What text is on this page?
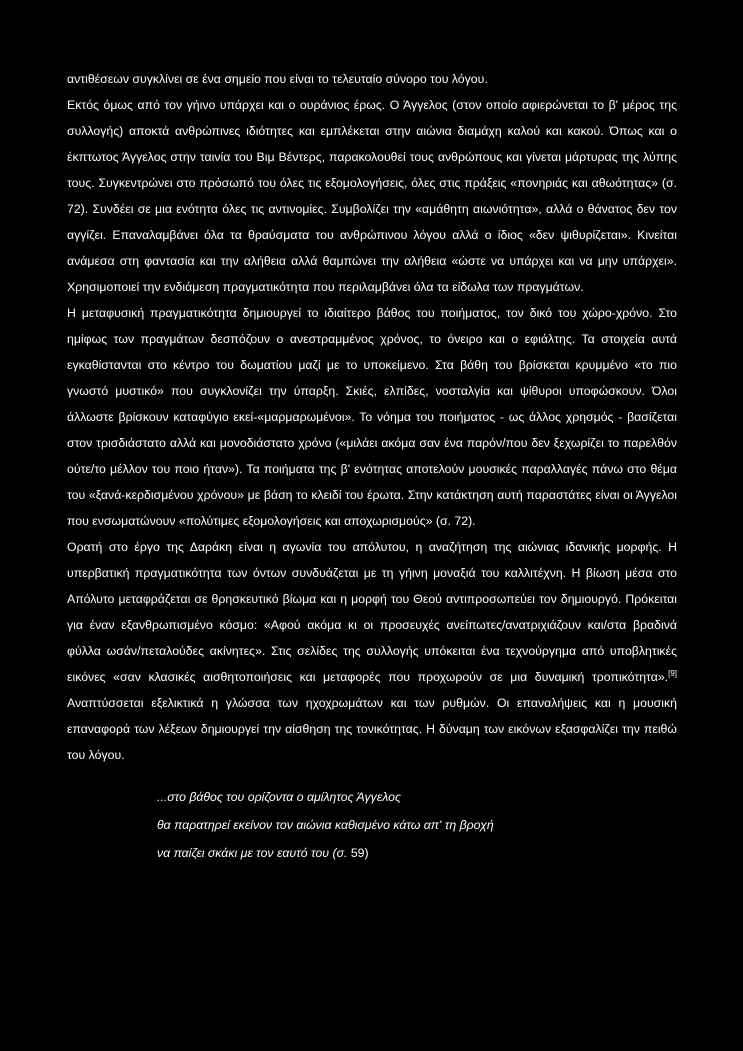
αντιθέσεων συγκλίνει σε ένα σημείο που είναι το τελευταίο σύνορο του λόγου.

Εκτός όμως από τον γήινο υπάρχει και ο ουράνιος έρως. Ο Άγγελος (στον οποίο αφιερώνεται το β' μέρος της συλλογής) αποκτά ανθρώπινες ιδιότητες και εμπλέκεται στην αιώνια διαμάχη καλού και κακού. Όπως και ο έκπτωτος Άγγελος στην ταινία του Βιμ Βέντερς, παρακολουθεί τους ανθρώπους και γίνεται μάρτυρας της λύπης τους. Συγκεντρώνει στο πρόσωπό του όλες τις εξομολογήσεις, όλες στις πράξεις «πονηριάς και αθωότητας» (σ. 72). Συνδέει σε μια ενότητα όλες τις αντινομίες. Συμβολίζει την «αμάθητη αιωνιότητα», αλλά ο θάνατος δεν τον αγγίζει. Επαναλαμβάνει όλα τα θραύσματα του ανθρώπινου λόγου αλλά ο ίδιος «δεν ψιθυρίζεται». Κινείται ανάμεσα στη φαντασία και την αλήθεια αλλά θαμπώνει την αλήθεια «ώστε να υπάρχει και να μην υπάρχει». Χρησιμοποιεί την ενδιάμεση πραγματικότητα που περιλαμβάνει όλα τα είδωλα των πραγμάτων.

Η μεταφυσική πραγματικότητα δημιουργεί το ιδιαίτερο βάθος του ποιήματος, τον δικό του χώρο-χρόνο. Στο ημίφως των πραγμάτων δεσπόζουν ο ανεστραμμένος χρόνος, το όνειρο και ο εφιάλτης. Τα στοιχεία αυτά εγκαθίστανται στο κέντρο του δωματίου μαζί με το υποκείμενο. Στα βάθη του βρίσκεται κρυμμένο «το πιο γνωστό μυστικό» που συγκλονίζει την ύπαρξη. Σκιές, ελπίδες, νοσταλγία και ψίθυροι υποφώσκουν. Όλοι άλλωστε βρίσκουν καταφύγιο εκεί-«μαρμαρωμένοι». Το νόημα του ποιήματος - ως άλλος χρησμός - βασίζεται στον τρισδιάστατο αλλά και μονοδιάστατο χρόνο («μιλάει ακόμα σαν ένα παρόν/που δεν ξεχωρίζει το παρελθόν ούτε/το μέλλον του ποιο ήταν»). Τα ποιήματα της β' ενότητας αποτελούν μουσικές παραλλαγές πάνω στο θέμα του «ξανά-κερδισμένου χρόνου» με βάση το κλειδί του έρωτα. Στην κατάκτηση αυτή παραστάτες είναι οι Άγγελοι που ενσωματώνουν «πολύτιμες εξομολογήσεις και αποχωρισμούς» (σ. 72).

Ορατή στο έργο της Δαράκη είναι η αγωνία του απόλυτου, η αναζήτηση της αιώνιας ιδανικής μορφής. Η υπερβατική πραγματικότητα των όντων συνδυάζεται με τη γήινη μοναξιά του καλλιτέχνη. Η βίωση μέσα στο Απόλυτο μεταφράζεται σε θρησκευτικό βίωμα και η μορφή του Θεού αντιπροσωπεύει τον δημιουργό. Πρόκειται για έναν εξανθρωπισμένο κόσμο: «Αφού ακόμα κι οι προσευχές ανείπωτες/ανατριχιάζουν και/στα βραδινά φύλλα ωσάν/πεταλούδες ακίνητες». Στις σελίδες της συλλογής υπόκειται ένα τεχνούργημα από υποβλητικές εικόνες «σαν κλασικές αισθητοποιήσεις και μεταφορές που προχωρούν σε μια δυναμική τροπικότητα».[9] Αναπτύσσεται εξελικτικά η γλώσσα των ηχοχρωμάτων και των ρυθμών. Οι επαναλήψεις και η μουσική επαναφορά των λέξεων δημιουργεί την αίσθηση της τονικότητας. Η δύναμη των εικόνων εξασφαλίζει την πειθώ του λόγου.

...στο βάθος του ορίζοντα ο αμίλητος Άγγελος
θα παρατηρεί εκείνον τον αιώνια καθισμένο κάτω απ' τη βροχή
να παίζει σκάκι με τον εαυτό του (σ. 59)
